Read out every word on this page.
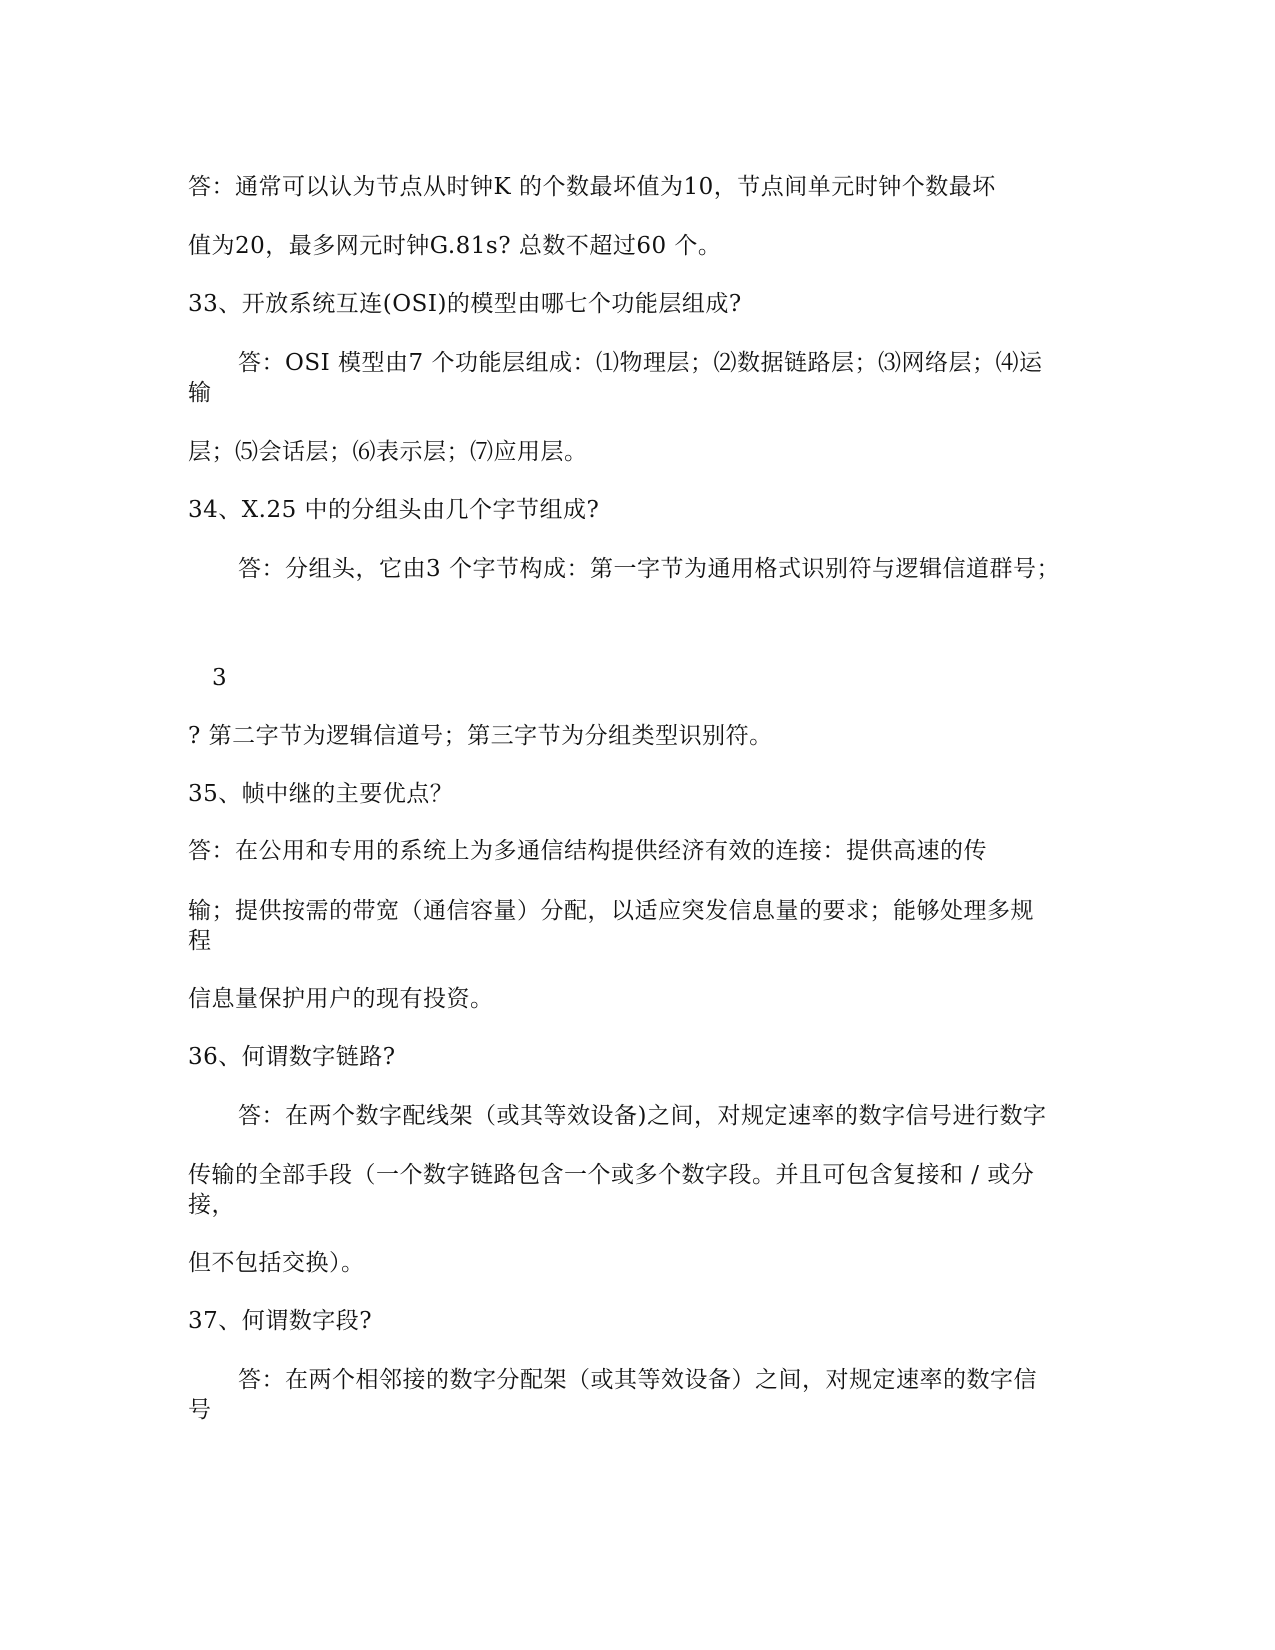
答：通常可以认为节点从时钟K 的个数最坏值为10，节点间单元时钟个数最坏
值为20，最多网元时钟G.81s? 总数不超过60 个。
33、开放系统互连(OSI)的模型由哪七个功能层组成?
答：OSI 模型由7 个功能层组成：⑴物理层；⑵数据链路层；⑶网络层；⑷运
输
层；⑸会话层；⑹表示层；⑺应用层。
34、X.25 中的分组头由几个字节组成?
答：分组头，它由3 个字节构成：第一字节为通用格式识别符与逻辑信道群号；
3
? 第二字节为逻辑信道号；第三字节为分组类型识别符。
35、帧中继的主要优点？
答：在公用和专用的系统上为多通信结构提供经济有效的连接：提供高速的传
输；提供按需的带宽（通信容量）分配，以适应突发信息量的要求；能够处理多规
程
信息量保护用户的现有投资。
36、何谓数字链路?
答：在两个数字配线架（或其等效设备)之间，对规定速率的数字信号进行数字
传输的全部手段（一个数字链路包含一个或多个数字段。并且可包含复接和 / 或分
接，
但不包括交换）。
37、何谓数字段?
答：在两个相邻接的数字分配架（或其等效设备）之间，对规定速率的数字信
号
